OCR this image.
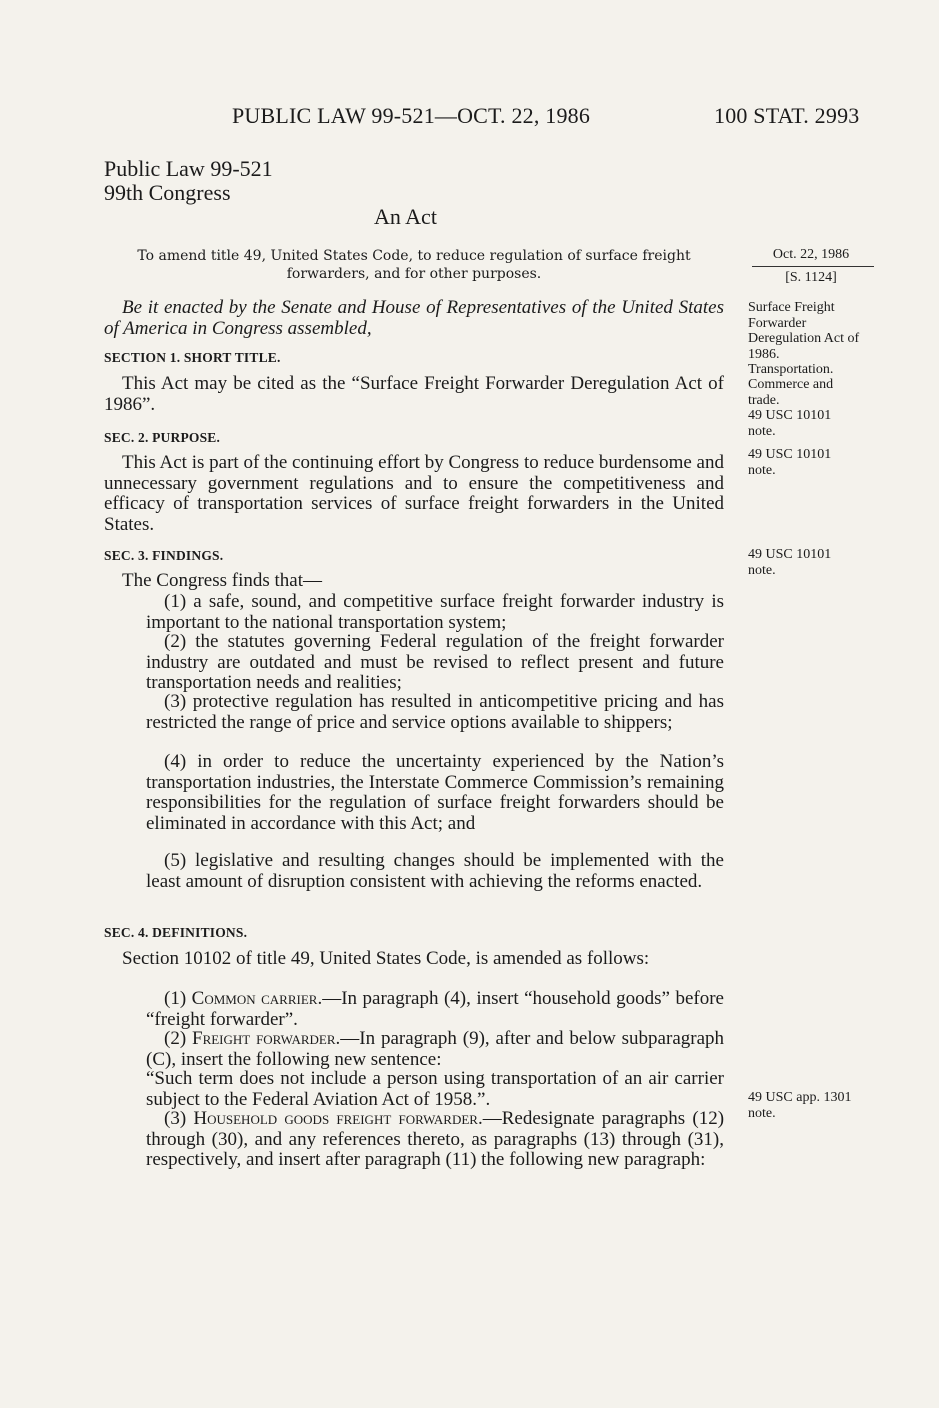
PUBLIC LAW 99-521—OCT. 22, 1986	100 STAT. 2993
Public Law 99-521
99th Congress
An Act
To amend title 49, United States Code, to reduce regulation of surface freight forwarders, and for other purposes.
Oct. 22, 1986
[S. 1124]
Be it enacted by the Senate and House of Representatives of the United States of America in Congress assembled,
Surface Freight Forwarder Deregulation Act of 1986.
Transportation.
Commerce and trade.
49 USC 10101 note.
49 USC 10101 note.
49 USC 10101 note.
49 USC app. 1301 note.
SECTION 1. SHORT TITLE.
This Act may be cited as the “Surface Freight Forwarder Deregulation Act of 1986”.
SEC. 2. PURPOSE.
This Act is part of the continuing effort by Congress to reduce burdensome and unnecessary government regulations and to ensure the competitiveness and efficacy of transportation services of surface freight forwarders in the United States.
SEC. 3. FINDINGS.
The Congress finds that—
(1) a safe, sound, and competitive surface freight forwarder industry is important to the national transportation system;
(2) the statutes governing Federal regulation of the freight forwarder industry are outdated and must be revised to reflect present and future transportation needs and realities;
(3) protective regulation has resulted in anticompetitive pricing and has restricted the range of price and service options available to shippers;
(4) in order to reduce the uncertainty experienced by the Nation’s transportation industries, the Interstate Commerce Commission’s remaining responsibilities for the regulation of surface freight forwarders should be eliminated in accordance with this Act; and
(5) legislative and resulting changes should be implemented with the least amount of disruption consistent with achieving the reforms enacted.
SEC. 4. DEFINITIONS.
Section 10102 of title 49, United States Code, is amended as follows:
(1) Common carrier.—In paragraph (4), insert “household goods” before “freight forwarder”.
(2) Freight forwarder.—In paragraph (9), after and below subparagraph (C), insert the following new sentence:
“Such term does not include a person using transportation of an air carrier subject to the Federal Aviation Act of 1958.”.
(3) Household goods freight forwarder.—Redesignate paragraphs (12) through (30), and any references thereto, as paragraphs (13) through (31), respectively, and insert after paragraph (11) the following new paragraph:
